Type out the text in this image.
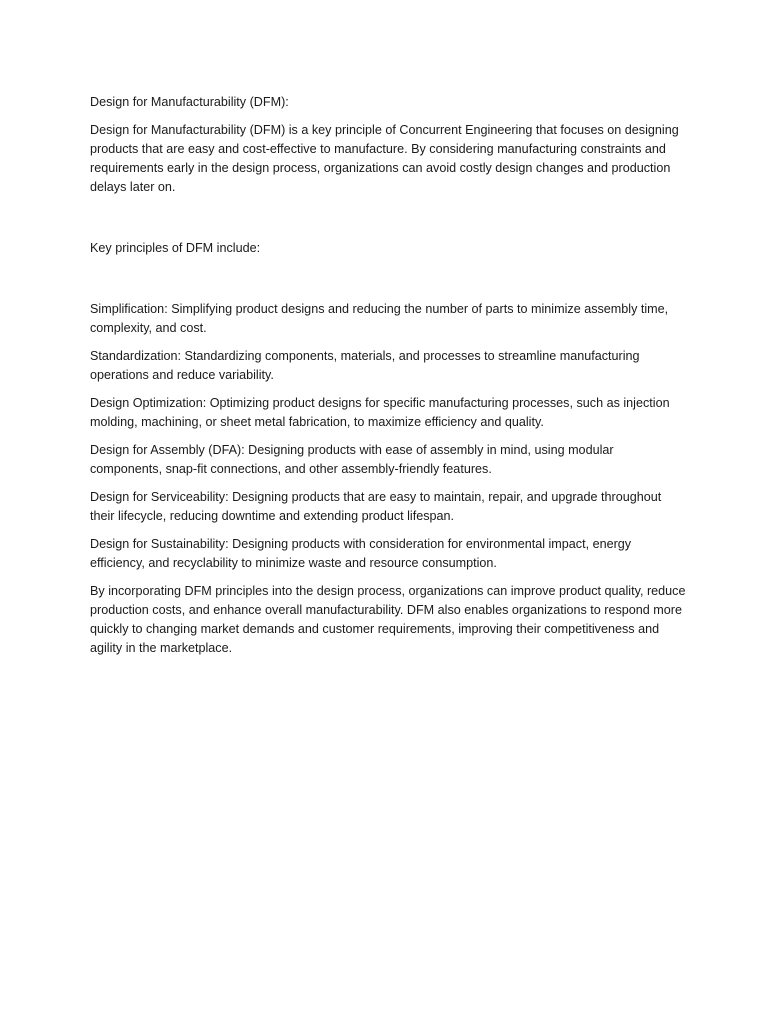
Design for Manufacturability (DFM):

Design for Manufacturability (DFM) is a key principle of Concurrent Engineering that focuses on designing products that are easy and cost-effective to manufacture. By considering manufacturing constraints and requirements early in the design process, organizations can avoid costly design changes and production delays later on.

Key principles of DFM include:

Simplification: Simplifying product designs and reducing the number of parts to minimize assembly time, complexity, and cost.

Standardization: Standardizing components, materials, and processes to streamline manufacturing operations and reduce variability.

Design Optimization: Optimizing product designs for specific manufacturing processes, such as injection molding, machining, or sheet metal fabrication, to maximize efficiency and quality.

Design for Assembly (DFA): Designing products with ease of assembly in mind, using modular components, snap-fit connections, and other assembly-friendly features.

Design for Serviceability: Designing products that are easy to maintain, repair, and upgrade throughout their lifecycle, reducing downtime and extending product lifespan.

Design for Sustainability: Designing products with consideration for environmental impact, energy efficiency, and recyclability to minimize waste and resource consumption.

By incorporating DFM principles into the design process, organizations can improve product quality, reduce production costs, and enhance overall manufacturability. DFM also enables organizations to respond more quickly to changing market demands and customer requirements, improving their competitiveness and agility in the marketplace.
